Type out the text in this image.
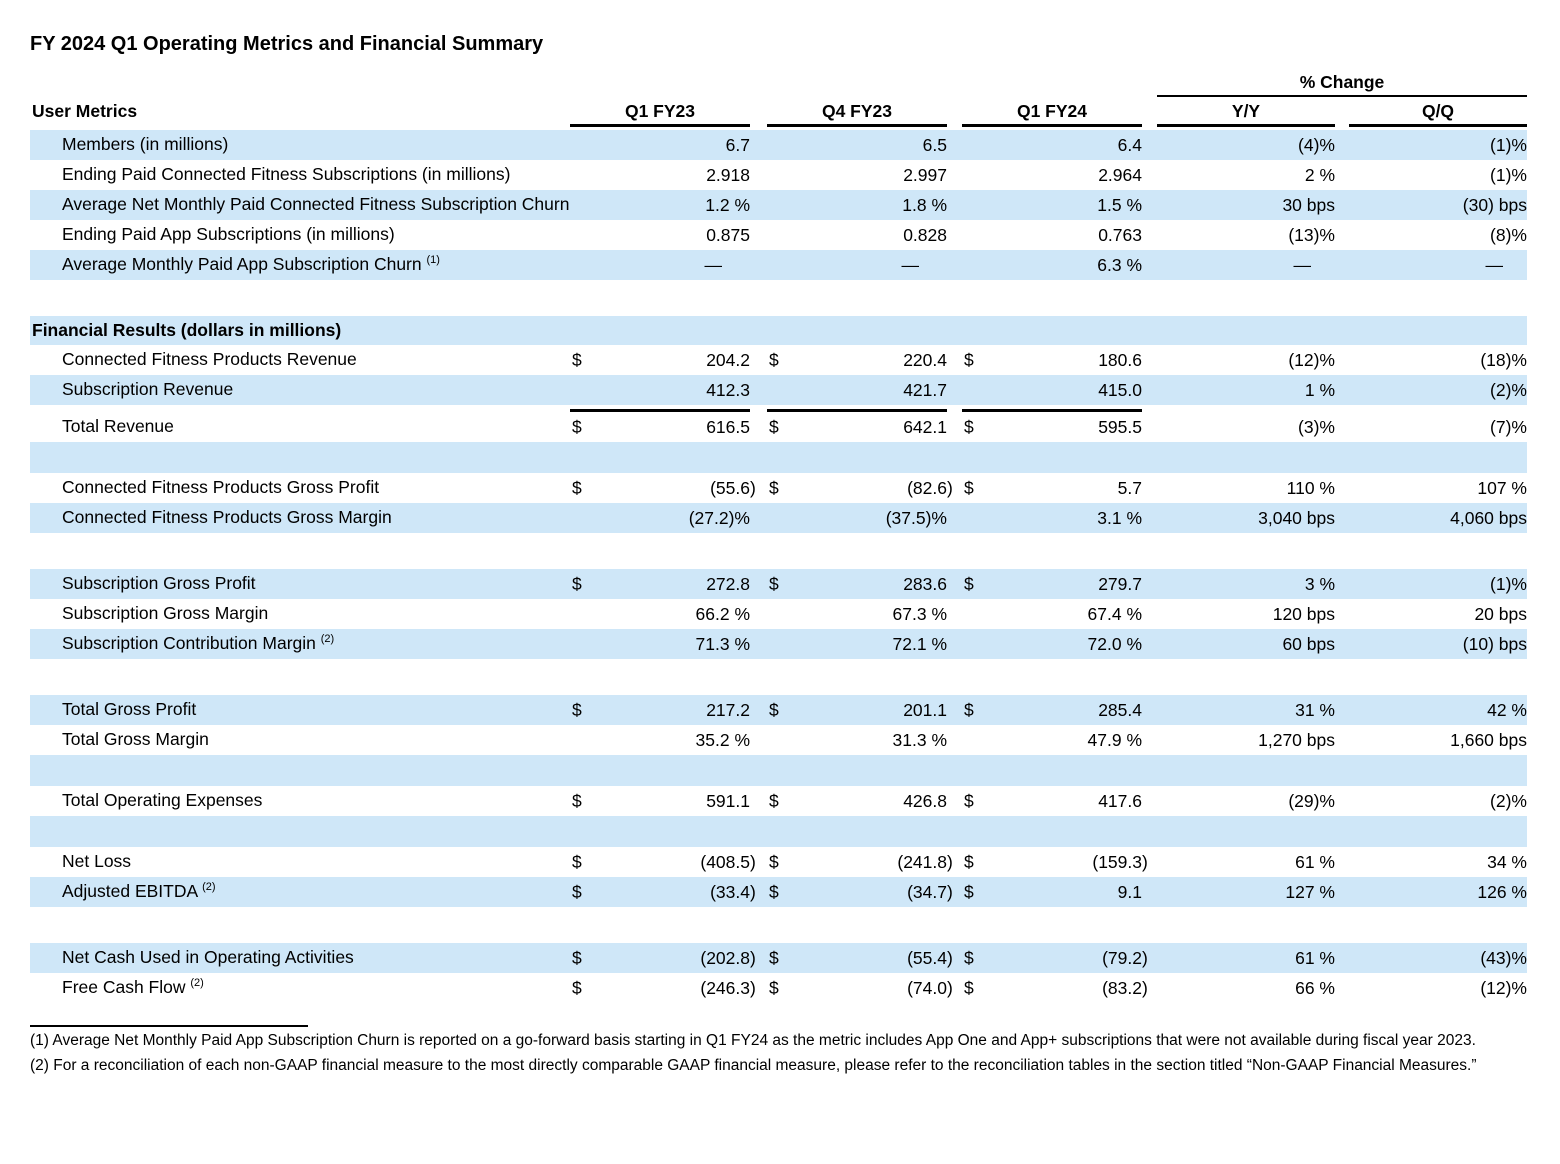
FY 2024 Q1 Operating Metrics and Financial Summary
% Change
User Metrics	Q1 FY23	Q4 FY23	Q1 FY24	Y/Y	Q/Q
Members (in millions)	6.7	6.5	6.4	(4)%	(1)%
Ending Paid Connected Fitness Subscriptions (in millions)	2.918	2.997	2.964	2 %	(1)%
Average Net Monthly Paid Connected Fitness Subscription Churn	1.2 %	1.8 %	1.5 %	30 bps	(30) bps
Ending Paid App Subscriptions (in millions)	0.875	0.828	0.763	(13)%	(8)%
Average Monthly Paid App Subscription Churn $^{(1)}$	—	—	6.3 %	—	—
Financial Results (dollars in millions)
Connected Fitness Products Revenue	$	204.2 $	220.4 $	180.6	(12)%	(18)%
Subscription Revenue	412.3	421.7	415.0	1 %	(2)%
Total Revenue	$	616.5 $	642.1 $	595.5	(3)%	(7)%
Connected Fitness Products Gross Profit	$	(55.6) $	(82.6) $	5.7	110 %	107 %
Connected Fitness Products Gross Margin	(27.2)%	(37.5)%	3.1 %	3,040 bps	4,060 bps
Subscription Gross Profit	$	272.8 $	283.6 $	279.7	3 %	(1)%
Subscription Gross Margin	66.2 %	67.3 %	67.4 %	120 bps	20 bps
Subscription Contribution Margin $^{(2)}$	71.3 %	72.1 %	72.0 %	60 bps	(10) bps
Total Gross Profit	$	217.2 $	201.1 $	285.4	31 %	42 %
Total Gross Margin	35.2 %	31.3 %	47.9 %	1,270 bps	1,660 bps
Total Operating Expenses	$	591.1 $	426.8 $	417.6	(29)%	(2)%
Net Loss	$	(408.5) $	(241.8) $	(159.3)	61 %	34 %
Adjusted EBITDA $^{(2)}$	$	(33.4) $	(34.7) $	9.1	127 %	126 %
Net Cash Used in Operating Activities	$	(202.8) $	(55.4) $	(79.2)	61 %	(43)%
Free Cash Flow $^{(2)}$	$	(246.3) $	(74.0) $	(83.2)	66 %	(12)%

(1) Average Net Monthly Paid App Subscription Churn is reported on a go-forward basis starting in Q1 FY24 as the metric includes App One and App+ subscriptions that were not available during fiscal year 2023.

(2) For a reconciliation of each non-GAAP financial measure to the most directly comparable GAAP financial measure, please refer to the reconciliation tables in the section titled “Non-GAAP Financial Measures.”
